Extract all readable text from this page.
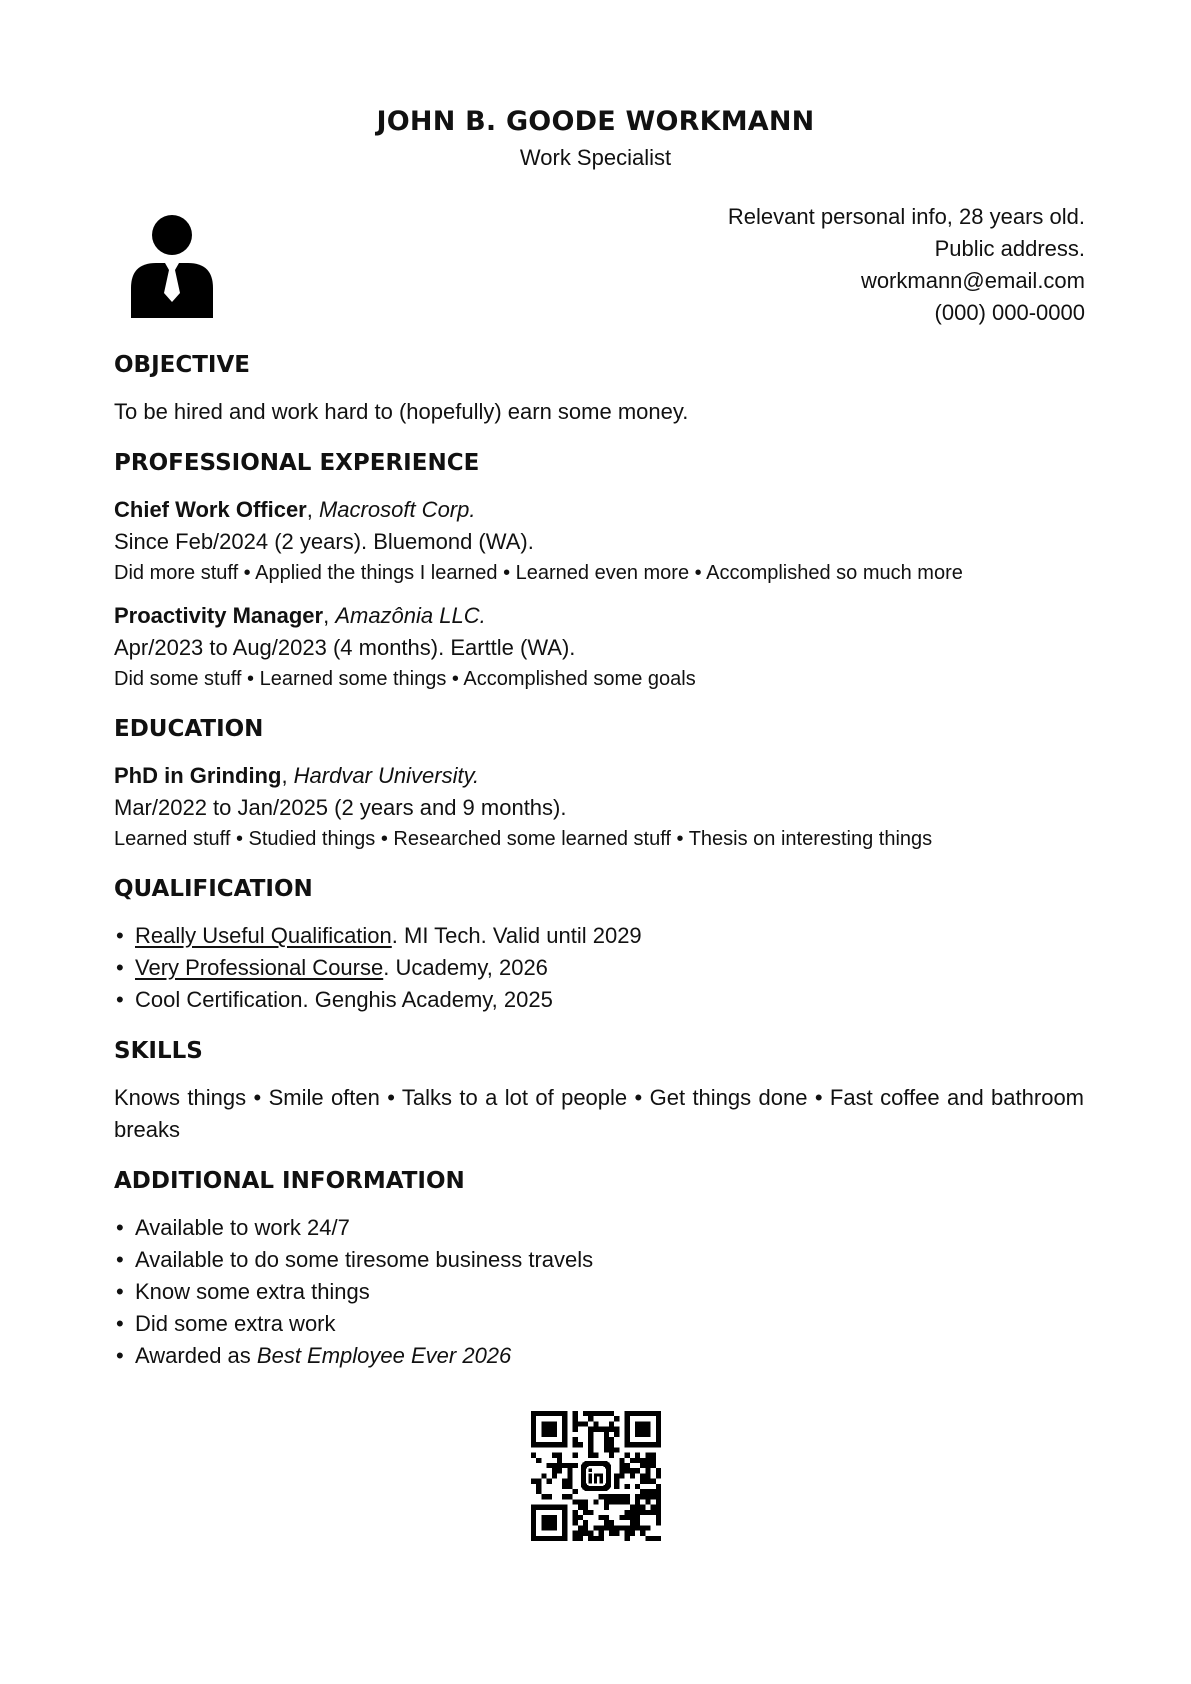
JOHN B. GOODE WORKMANN
Work Specialist
Relevant personal info, 28 years old.
Public address.
workmann@email.com
(000) 000-0000
OBJECTIVE

To be hired and work hard to (hopefully) earn some money.

PROFESSIONAL EXPERIENCE
Chief Work Officer, Macrosoft Corp.
Since Feb/2024 (2 years). Bluemond (WA).
Did more stuff • Applied the things I learned • Learned even more • Accomplished so much more
Proactivity Manager, Amazônia LLC.
Apr/2023 to Aug/2023 (4 months). Earttle (WA).
Did some stuff • Learned some things • Accomplished some goals
EDUCATION
PhD in Grinding, Hardvar University.
Mar/2022 to Jan/2025 (2 years and 9 months).
Learned stuff • Studied things • Researched some learned stuff • Thesis on interesting things
QUALIFICATION
• Really Useful Qualification. MI Tech. Valid until 2029
• Very Professional Course. Ucademy, 2026
• Cool Certification. Genghis Academy, 2025
SKILLS

Knows things • Smile often • Talks to a lot of people • Get things done • Fast coffee and bathroom breaks

ADDITIONAL INFORMATION
• Available to work 24/7
• Available to do some tiresome business travels
• Know some extra things
• Did some extra work
• Awarded as Best Employee Ever 2026
